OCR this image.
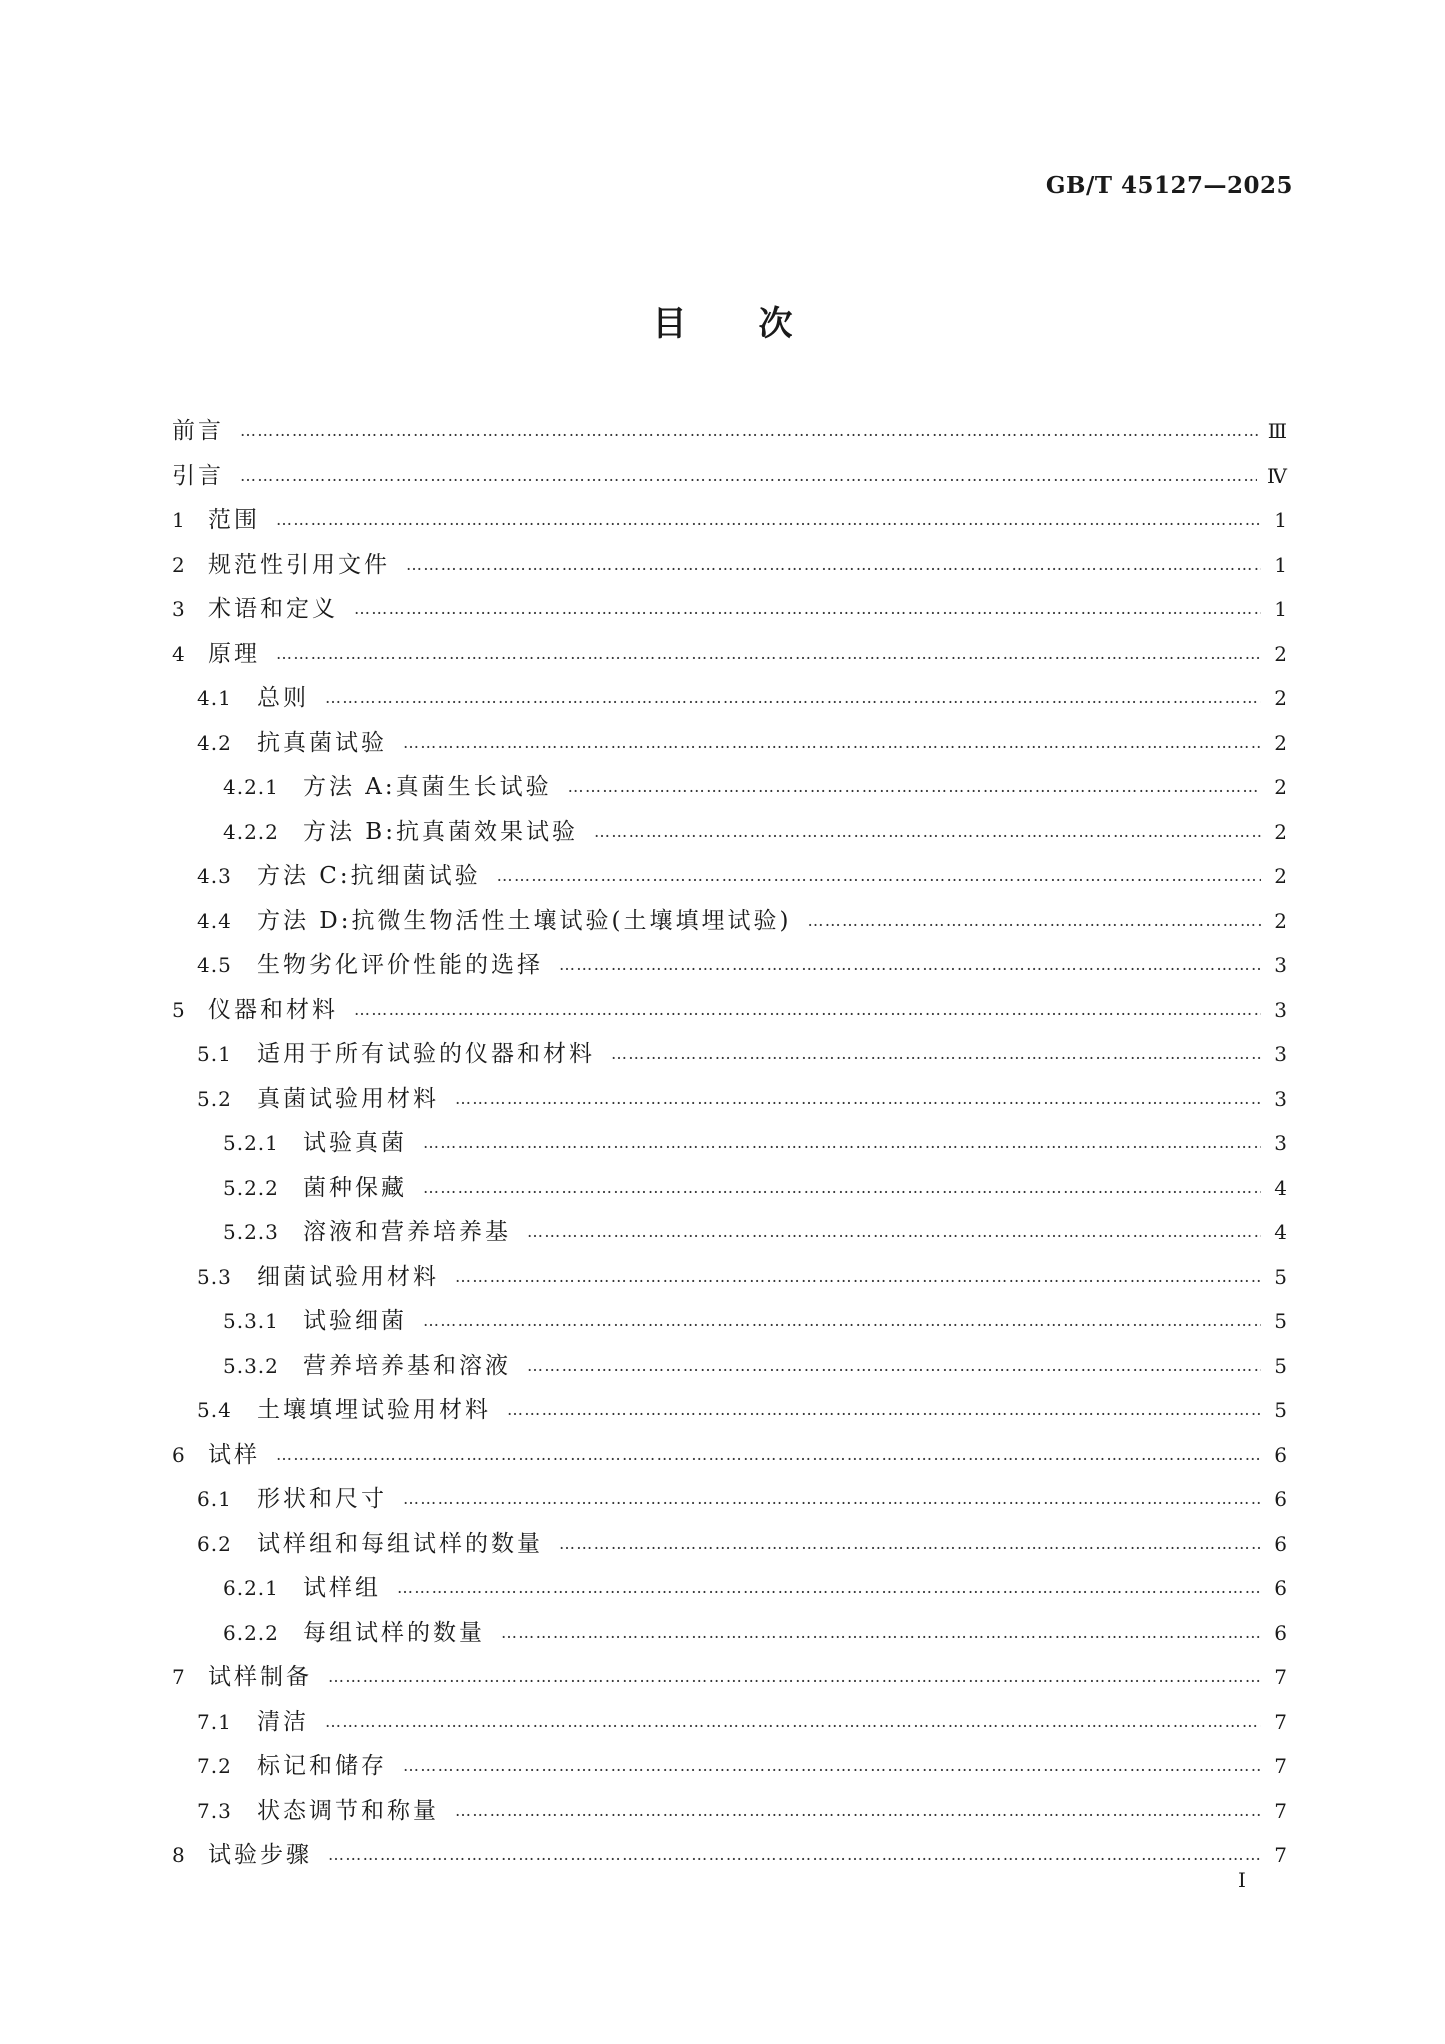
GB/T 45127—2025
目次
前言 …………………………………………………………………………………………………………………………………………………………………………………………………………………………………………………	Ⅲ
引言 …………………………………………………………………………………………………………………………………………………………………………………………………………………………………………………	Ⅳ
1 范围 …………………………………………………………………………………………………………………………………………………………………………………………………………………………………………………	1
2 规范性引用文件 …………………………………………………………………………………………………………………………………………………………………………………………………………………………………………………	1
3 术语和定义 …………………………………………………………………………………………………………………………………………………………………………………………………………………………………………………	1
4 原理 …………………………………………………………………………………………………………………………………………………………………………………………………………………………………………………	2
4.1	总则 …………………………………………………………………………………………………………………………………………………………………………………………………………………………………………………	2
4.2	抗真菌试验 …………………………………………………………………………………………………………………………………………………………………………………………………………………………………………………	2
4.2.1	方法 A:真菌生长试验 …………………………………………………………………………………………………………………………………………………………………………………………………………………………………………………	2
4.2.2	方法 B:抗真菌效果试验 …………………………………………………………………………………………………………………………………………………………………………………………………………………………………………………	2
4.3	方法 C:抗细菌试验 …………………………………………………………………………………………………………………………………………………………………………………………………………………………………………………	2
4.4	方法 D:抗微生物活性土壤试验(土壤填埋试验) …………………………………………………………………………………………………………………………………………………………………………………………………………………………………………………	2
4.5	生物劣化评价性能的选择 …………………………………………………………………………………………………………………………………………………………………………………………………………………………………………………	3
5 仪器和材料 …………………………………………………………………………………………………………………………………………………………………………………………………………………………………………………	3
5.1	适用于所有试验的仪器和材料 …………………………………………………………………………………………………………………………………………………………………………………………………………………………………………………	3
5.2	真菌试验用材料 …………………………………………………………………………………………………………………………………………………………………………………………………………………………………………………	3
5.2.1	试验真菌 …………………………………………………………………………………………………………………………………………………………………………………………………………………………………………………	3
5.2.2	菌种保藏 …………………………………………………………………………………………………………………………………………………………………………………………………………………………………………………	4
5.2.3	溶液和营养培养基 …………………………………………………………………………………………………………………………………………………………………………………………………………………………………………………	4
5.3	细菌试验用材料 …………………………………………………………………………………………………………………………………………………………………………………………………………………………………………………	5
5.3.1	试验细菌 …………………………………………………………………………………………………………………………………………………………………………………………………………………………………………………	5
5.3.2	营养培养基和溶液 …………………………………………………………………………………………………………………………………………………………………………………………………………………………………………………	5
5.4	土壤填埋试验用材料 …………………………………………………………………………………………………………………………………………………………………………………………………………………………………………………	5
6 试样 …………………………………………………………………………………………………………………………………………………………………………………………………………………………………………………	6
6.1	形状和尺寸 …………………………………………………………………………………………………………………………………………………………………………………………………………………………………………………	6
6.2	试样组和每组试样的数量 …………………………………………………………………………………………………………………………………………………………………………………………………………………………………………………	6
6.2.1	试样组 …………………………………………………………………………………………………………………………………………………………………………………………………………………………………………………	6
6.2.2	每组试样的数量 …………………………………………………………………………………………………………………………………………………………………………………………………………………………………………………	6
7 试样制备 …………………………………………………………………………………………………………………………………………………………………………………………………………………………………………………	7
7.1	清洁 …………………………………………………………………………………………………………………………………………………………………………………………………………………………………………………	7
7.2	标记和储存 …………………………………………………………………………………………………………………………………………………………………………………………………………………………………………………	7
7.3	状态调节和称量 …………………………………………………………………………………………………………………………………………………………………………………………………………………………………………………	7
8 试验步骤 …………………………………………………………………………………………………………………………………………………………………………………………………………………………………………………	7
I
